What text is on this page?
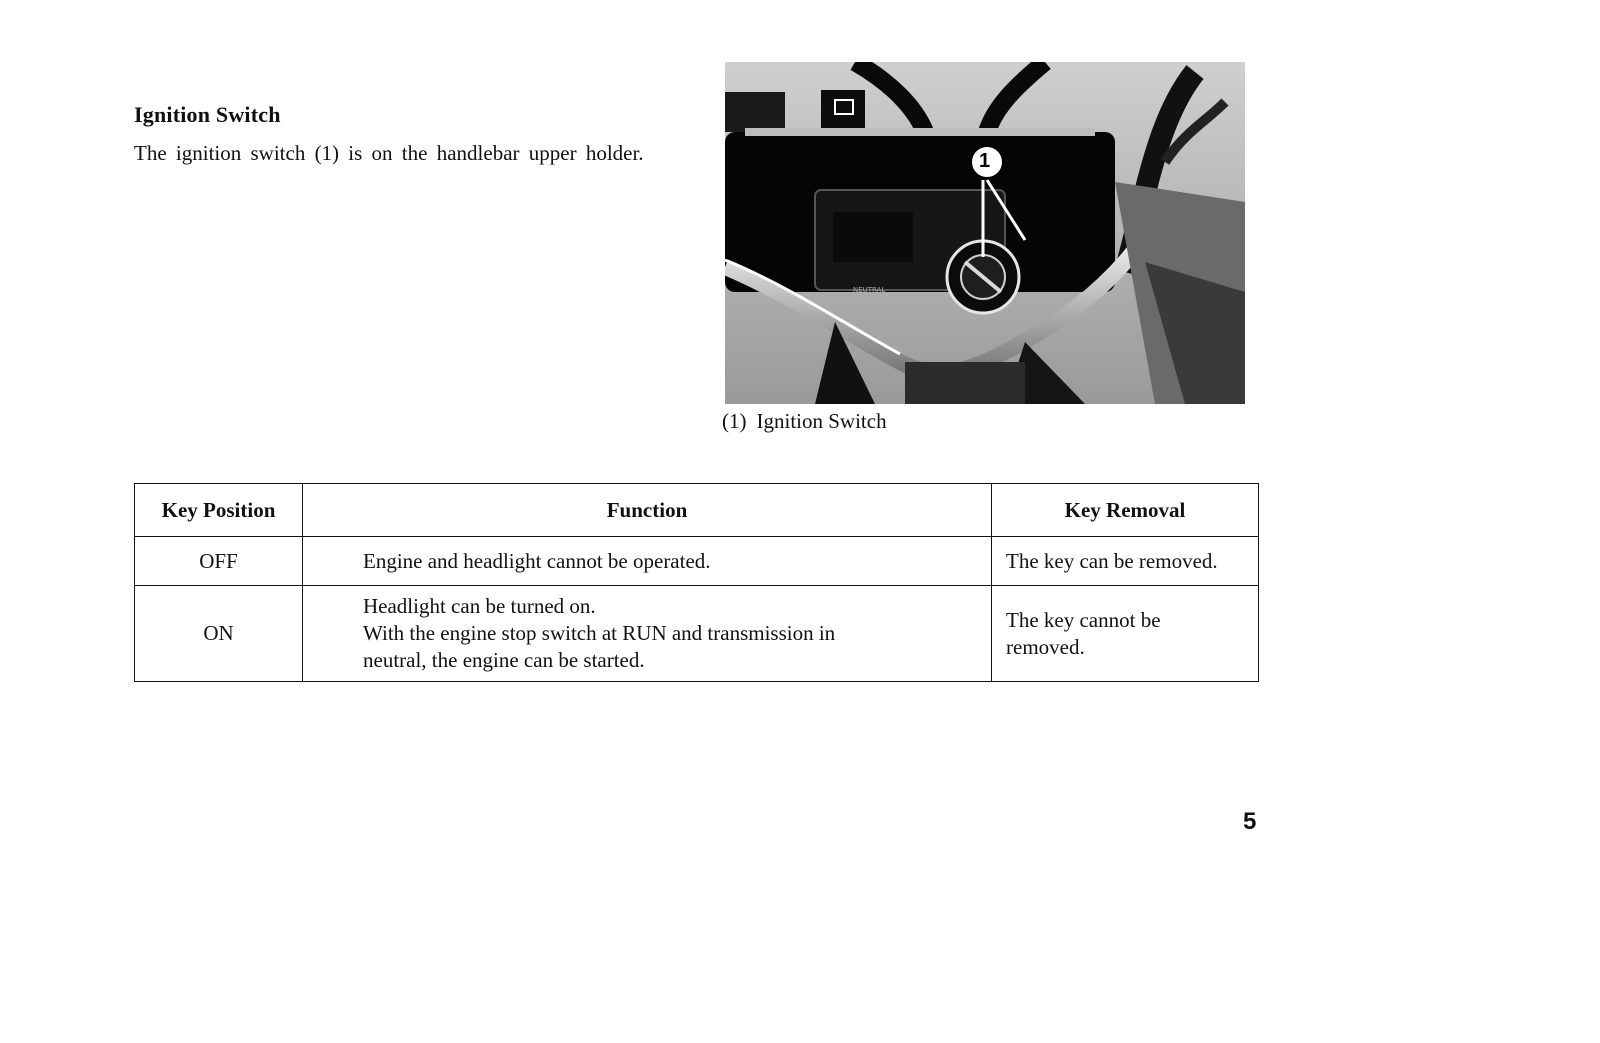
Ignition Switch

The ignition switch (1) is on the handlebar upper holder.

NEUTRAL
1

(1) Ignition Switch

Key Position	Function	Key Removal
OFF	Engine and headlight cannot be operated.	The key can be removed.
ON	Headlight can be turned on.
With the engine stop switch at RUN and transmission in
neutral, the engine can be started.	The key cannot be removed.

5
